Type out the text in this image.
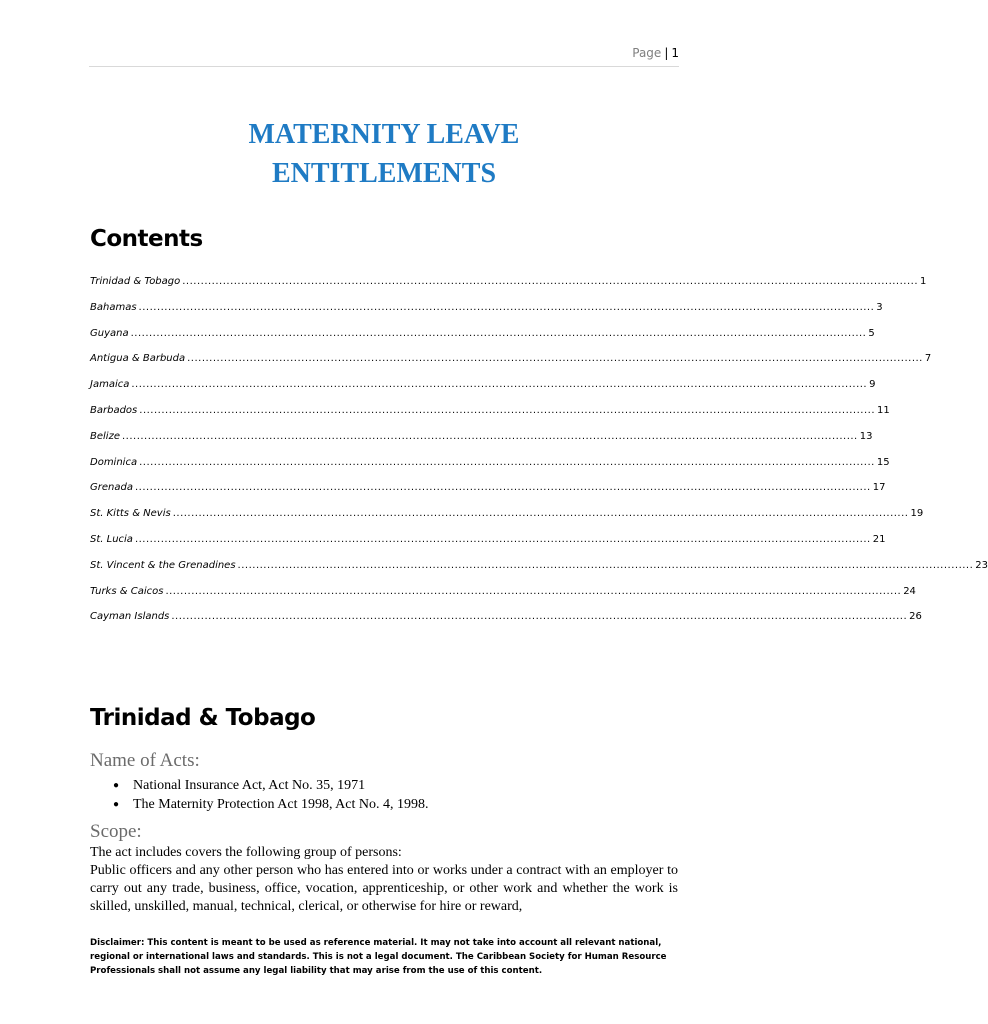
Page | 1
MATERNITY LEAVE
ENTITLEMENTS
Contents
Trinidad & Tobago ........................................................................................................................................................................................................ 1
Bahamas ........................................................................................................................................................................................................ 3
Guyana ........................................................................................................................................................................................................ 5
Antigua & Barbuda ........................................................................................................................................................................................................ 7
Jamaica ........................................................................................................................................................................................................ 9
Barbados ........................................................................................................................................................................................................ 11
Belize ........................................................................................................................................................................................................ 13
Dominica ........................................................................................................................................................................................................ 15
Grenada ........................................................................................................................................................................................................ 17
St. Kitts & Nevis ........................................................................................................................................................................................................ 19
St. Lucia ........................................................................................................................................................................................................ 21
St. Vincent & the Grenadines ........................................................................................................................................................................................................ 23
Turks & Caicos ........................................................................................................................................................................................................ 24
Cayman Islands ........................................................................................................................................................................................................ 26
Trinidad & Tobago
Name of Acts:
● National Insurance Act, Act No. 35, 1971
● The Maternity Protection Act 1998, Act No. 4, 1998.
Scope:

The act includes covers the following group of persons:

Public officers and any other person who has entered into or works under a contract with an employer to carry out any trade, business, office, vocation, apprenticeship, or other work and whether the work is skilled, unskilled, manual, technical, clerical, or otherwise for hire or reward,

Disclaimer: This content is meant to be used as reference material. It may not take into account all relevant national, regional or international laws and standards. This is not a legal document. The Caribbean Society for Human Resource Professionals shall not assume any legal liability that may arise from the use of this content.
